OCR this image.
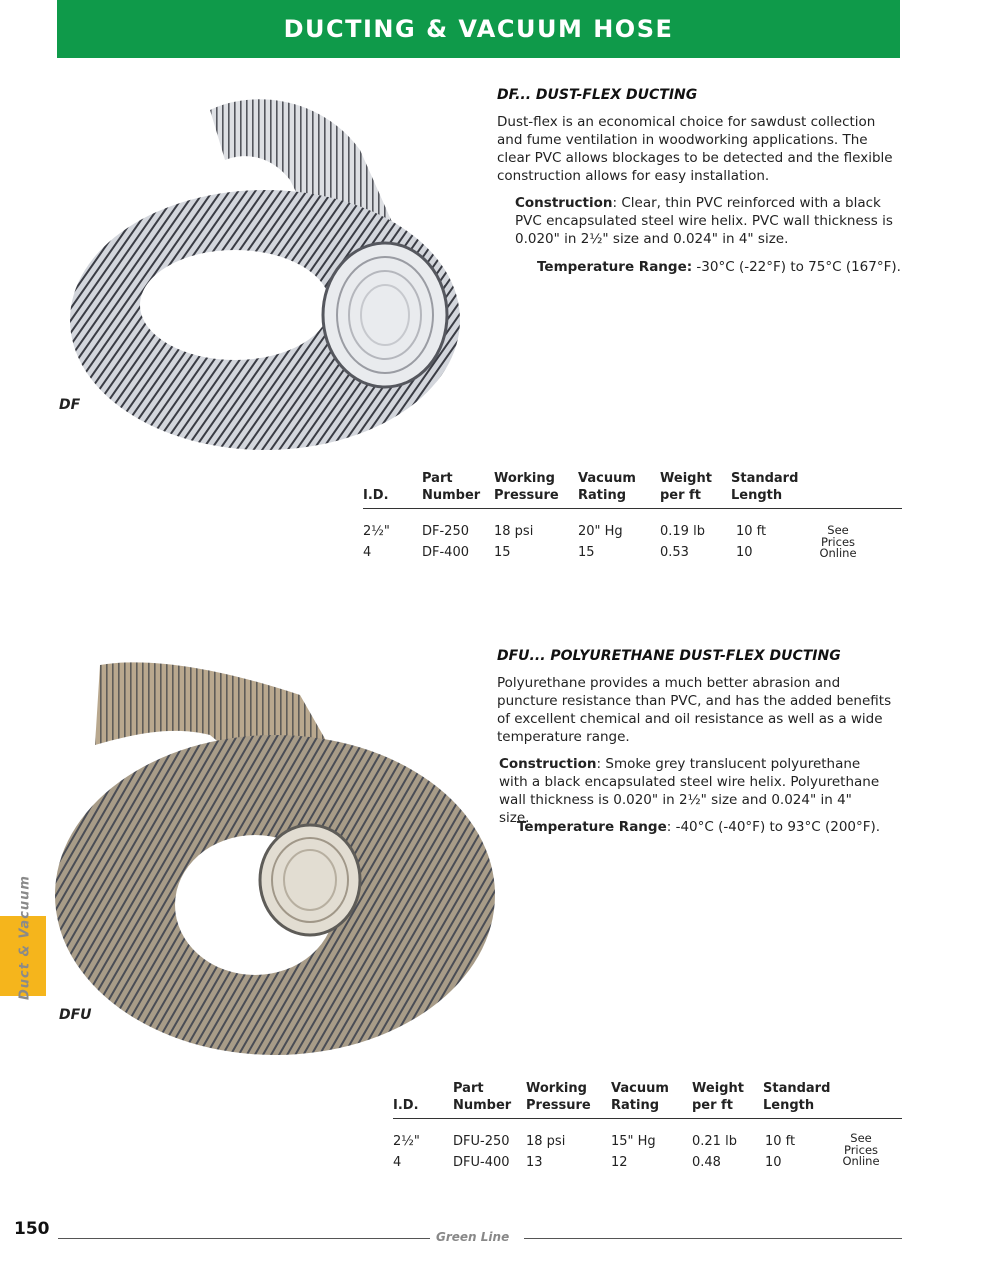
DUCTING & VACUUM HOSE
DF
DF... DUST-FLEX DUCTING

Dust-flex is an economical choice for sawdust collection and fume ventilation in woodworking applications. The clear PVC allows blockages to be detected and the flexible construction allows for easy installation.

Construction: Clear, thin PVC reinforced with a black PVC encapsulated steel wire helix. PVC wall thickness is 0.020" in 2½" size and 0.024" in 4" size.

Temperature Range: -30°C (-22°F) to 75°C (167°F).

I.D.	Part
Number	Working
Pressure	Vacuum
Rating	Weight
per ft	Standard
Length

2½"	DF-250	18 psi	20" Hg	0.19 lb	10 ft
4	DF-400	15	15	0.53	10
See
Prices
Online
DFU
DFU... POLYURETHANE DUST-FLEX DUCTING

Polyurethane provides a much better abrasion and puncture resistance than PVC, and has the added benefits of excellent chemical and oil resistance as well as a wide temperature range.

Construction: Smoke grey translucent polyurethane with a black encapsulated steel wire helix. Polyurethane wall thickness is 0.020" in 2½" size and 0.024" in 4" size.

Temperature Range: -40°C (-40°F) to 93°C (200°F).

I.D.	Part
Number	Working
Pressure	Vacuum
Rating	Weight
per ft	Standard
Length

2½"	DFU-250	18 psi	15" Hg	0.21 lb	10 ft
4	DFU-400	13	12	0.48	10
See
Prices
Online
Duct & Vacuum
150	Green Line
